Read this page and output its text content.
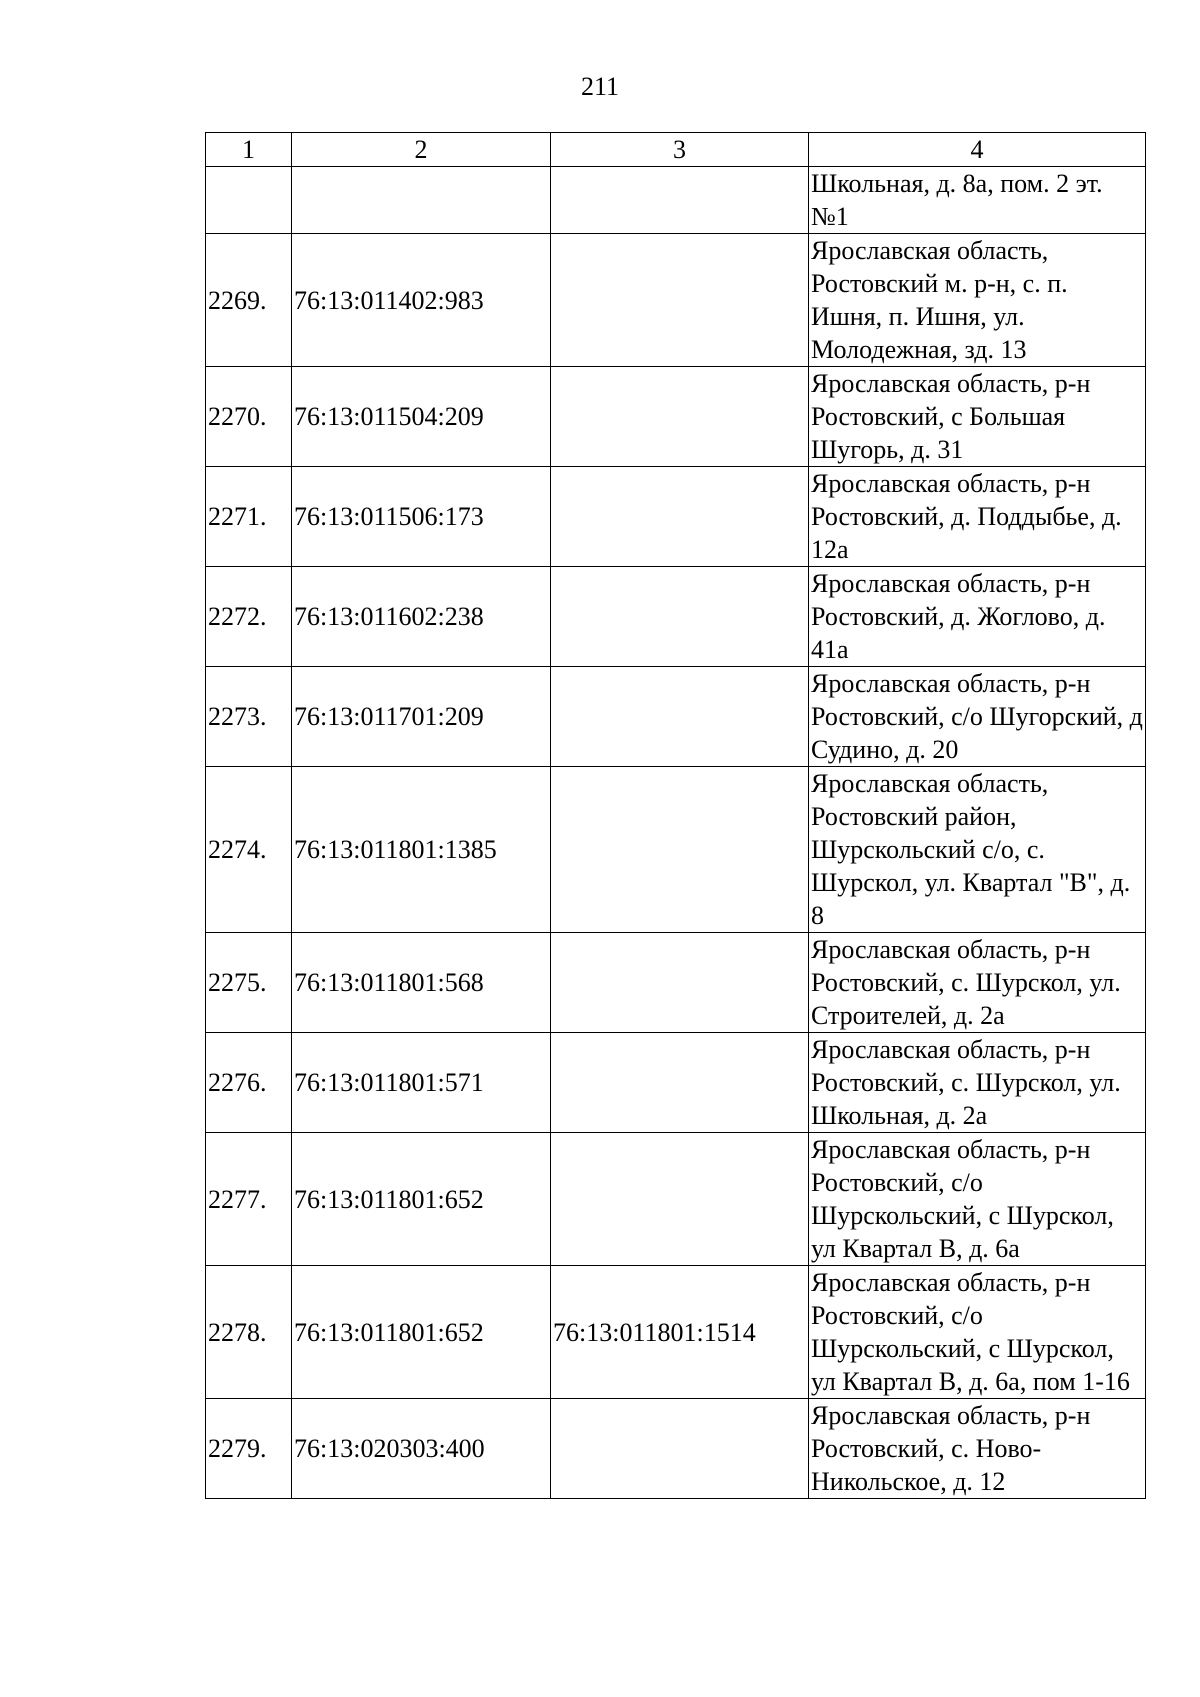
211
1	2	3	4
			Школьная, д. 8а, пом. 2 эт. №1
2269.	76:13:011402:983		Ярославская область, Ростовский м. р-н, с. п. Ишня, п. Ишня, ул. Молодежная, зд. 13
2270.	76:13:011504:209		Ярославская область, р-н Ростовский, с Большая Шугорь, д. 31
2271.	76:13:011506:173		Ярославская область, р-н Ростовский, д. Поддыбье, д. 12а
2272.	76:13:011602:238		Ярославская область, р-н Ростовский, д. Жоглово, д. 41а
2273.	76:13:011701:209		Ярославская область, р-н Ростовский, с/о Шугорский, д Судино, д. 20
2274.	76:13:011801:1385		Ярославская область, Ростовский район, Шурскольский с/о, с. Шурскол, ул. Квартал "В", д. 8
2275.	76:13:011801:568		Ярославская область, р-н Ростовский, с. Шурскол, ул. Строителей, д. 2а
2276.	76:13:011801:571		Ярославская область, р-н Ростовский, с. Шурскол, ул. Школьная, д. 2а
2277.	76:13:011801:652		Ярославская область, р-н Ростовский, с/о Шурскольский, с Шурскол, ул Квартал В, д. 6а
2278.	76:13:011801:652	76:13:011801:1514	Ярославская область, р-н Ростовский, с/о Шурскольский, с Шурскол, ул Квартал В, д. 6а, пом 1-16
2279.	76:13:020303:400		Ярославская область, р-н Ростовский, с. Ново-Никольское, д. 12
